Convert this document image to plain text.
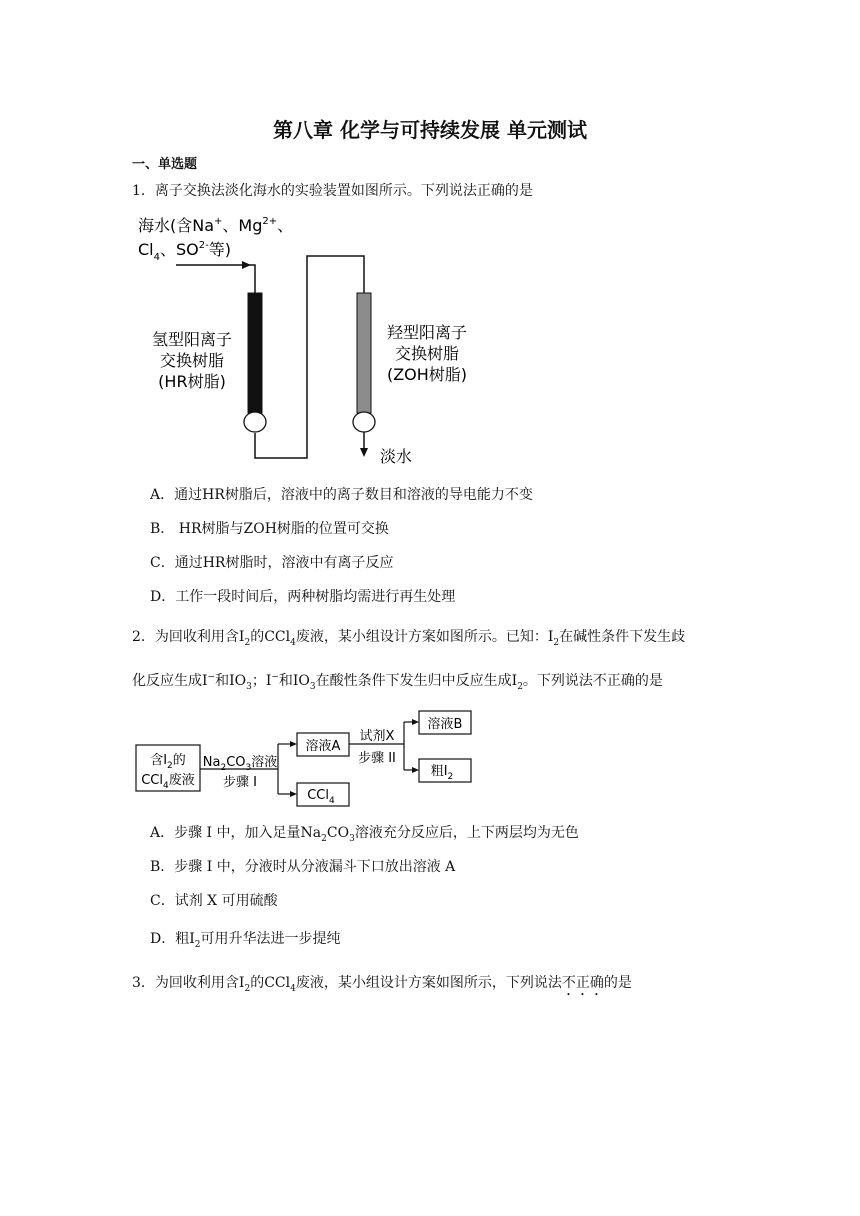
第八章 化学与可持续发展 单元测试
一、单选题
1．离子交换法淡化海水的实验装置如图所示。下列说法正确的是
海水(含Na+、$Mg^{2+}$、
$Cl_4$、$SO^{2-}$等)
氢型阳离子
交换树脂
(HR树脂)
羟型阳离子
交换树脂
(ZOH树脂)
淡水
A．通过HR树脂后，溶液中的离子数目和溶液的导电能力不变
B． HR树脂与ZOH树脂的位置可交换
C．通过HR树脂时，溶液中有离子反应
D．工作一段时间后，两种树脂均需进行再生处理
2．为回收利用含$I_2$的CCl$_4$废液，某小组设计方案如图所示。已知：$I_2$在碱性条件下发生歧
化反应生成I−和$IO_3$；I−和$IO_3$在酸性条件下发生归中反应生成$I_2$。下列说法不正确的是
含$I_2$的
CCl$_4$废液
$Na_2CO_3$溶液
步骤 I
溶液A
CCl$_4$
试剂X
步骤 II
溶液B
粗$I_2$
A．步骤 I 中，加入足量$Na_2CO_3$溶液充分反应后，上下两层均为无色
B．步骤 I 中，分液时从分液漏斗下口放出溶液 A
C．试剂 X 可用硫酸
D．粗$I_2$可用升华法进一步提纯
3．为回收利用含$I_2$的CCl$_4$废液，某小组设计方案如图所示，下列说法不正确的是
